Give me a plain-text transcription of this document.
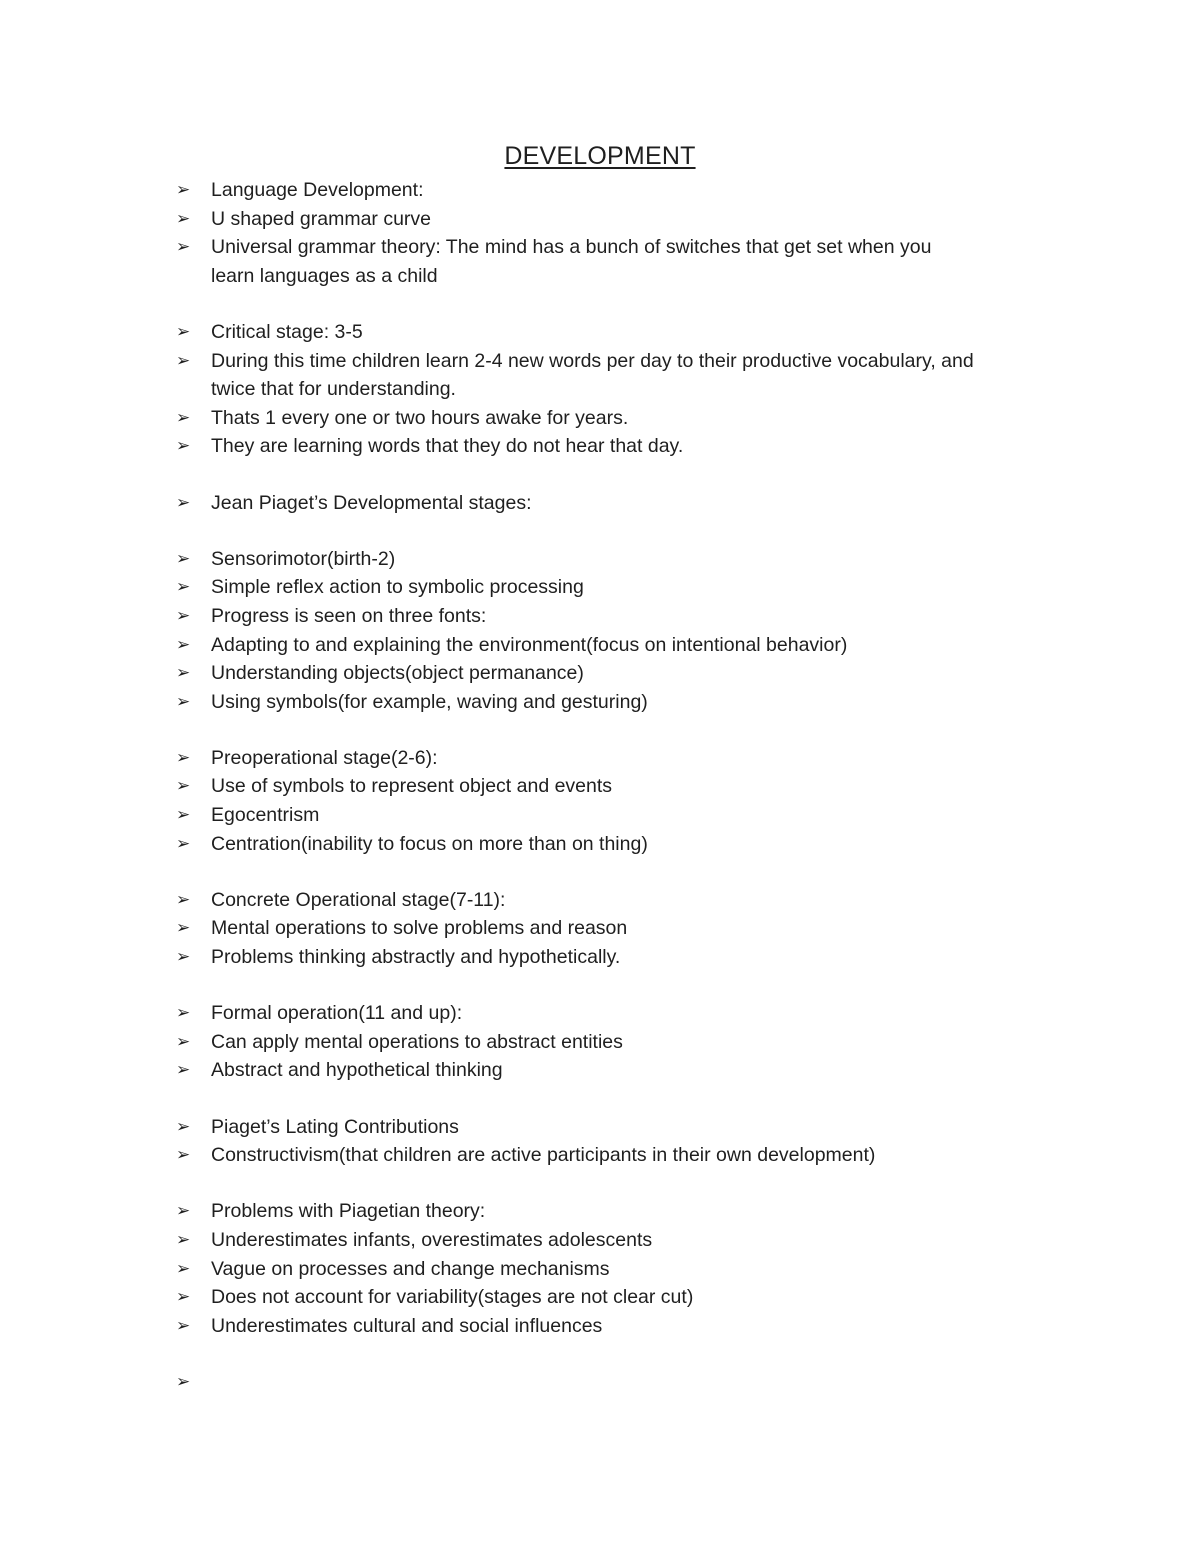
DEVELOPMENT
➢	Language Development:
➢	U shaped grammar curve
➢	Universal grammar theory: The mind has a bunch of switches that get set when you
learn languages as a child
➢	Critical stage: 3-5
➢	During this time children learn 2-4 new words per day to their productive vocabulary, and
twice that for understanding.
➢	Thats 1 every one or two hours awake for years.
➢	They are learning words that they do not hear that day.
➢	Jean Piaget’s Developmental stages:
➢	Sensorimotor(birth-2)
➢	Simple reflex action to symbolic processing
➢	Progress is seen on three fonts:
➢	Adapting to and explaining the environment(focus on intentional behavior)
➢	Understanding objects(object permanance)
➢	Using symbols(for example, waving and gesturing)
➢	Preoperational stage(2-6):
➢	Use of symbols to represent object and events
➢	Egocentrism
➢	Centration(inability to focus on more than on thing)
➢	Concrete Operational stage(7-11):
➢	Mental operations to solve problems and reason
➢	Problems thinking abstractly and hypothetically.
➢	Formal operation(11 and up):
➢	Can apply mental operations to abstract entities
➢	Abstract and hypothetical thinking
➢	Piaget’s Lating Contributions
➢	Constructivism(that children are active participants in their own development)
➢	Problems with Piagetian theory:
➢	Underestimates infants, overestimates adolescents
➢	Vague on processes and change mechanisms
➢	Does not account for variability(stages are not clear cut)
➢	Underestimates cultural and social influences
➢
